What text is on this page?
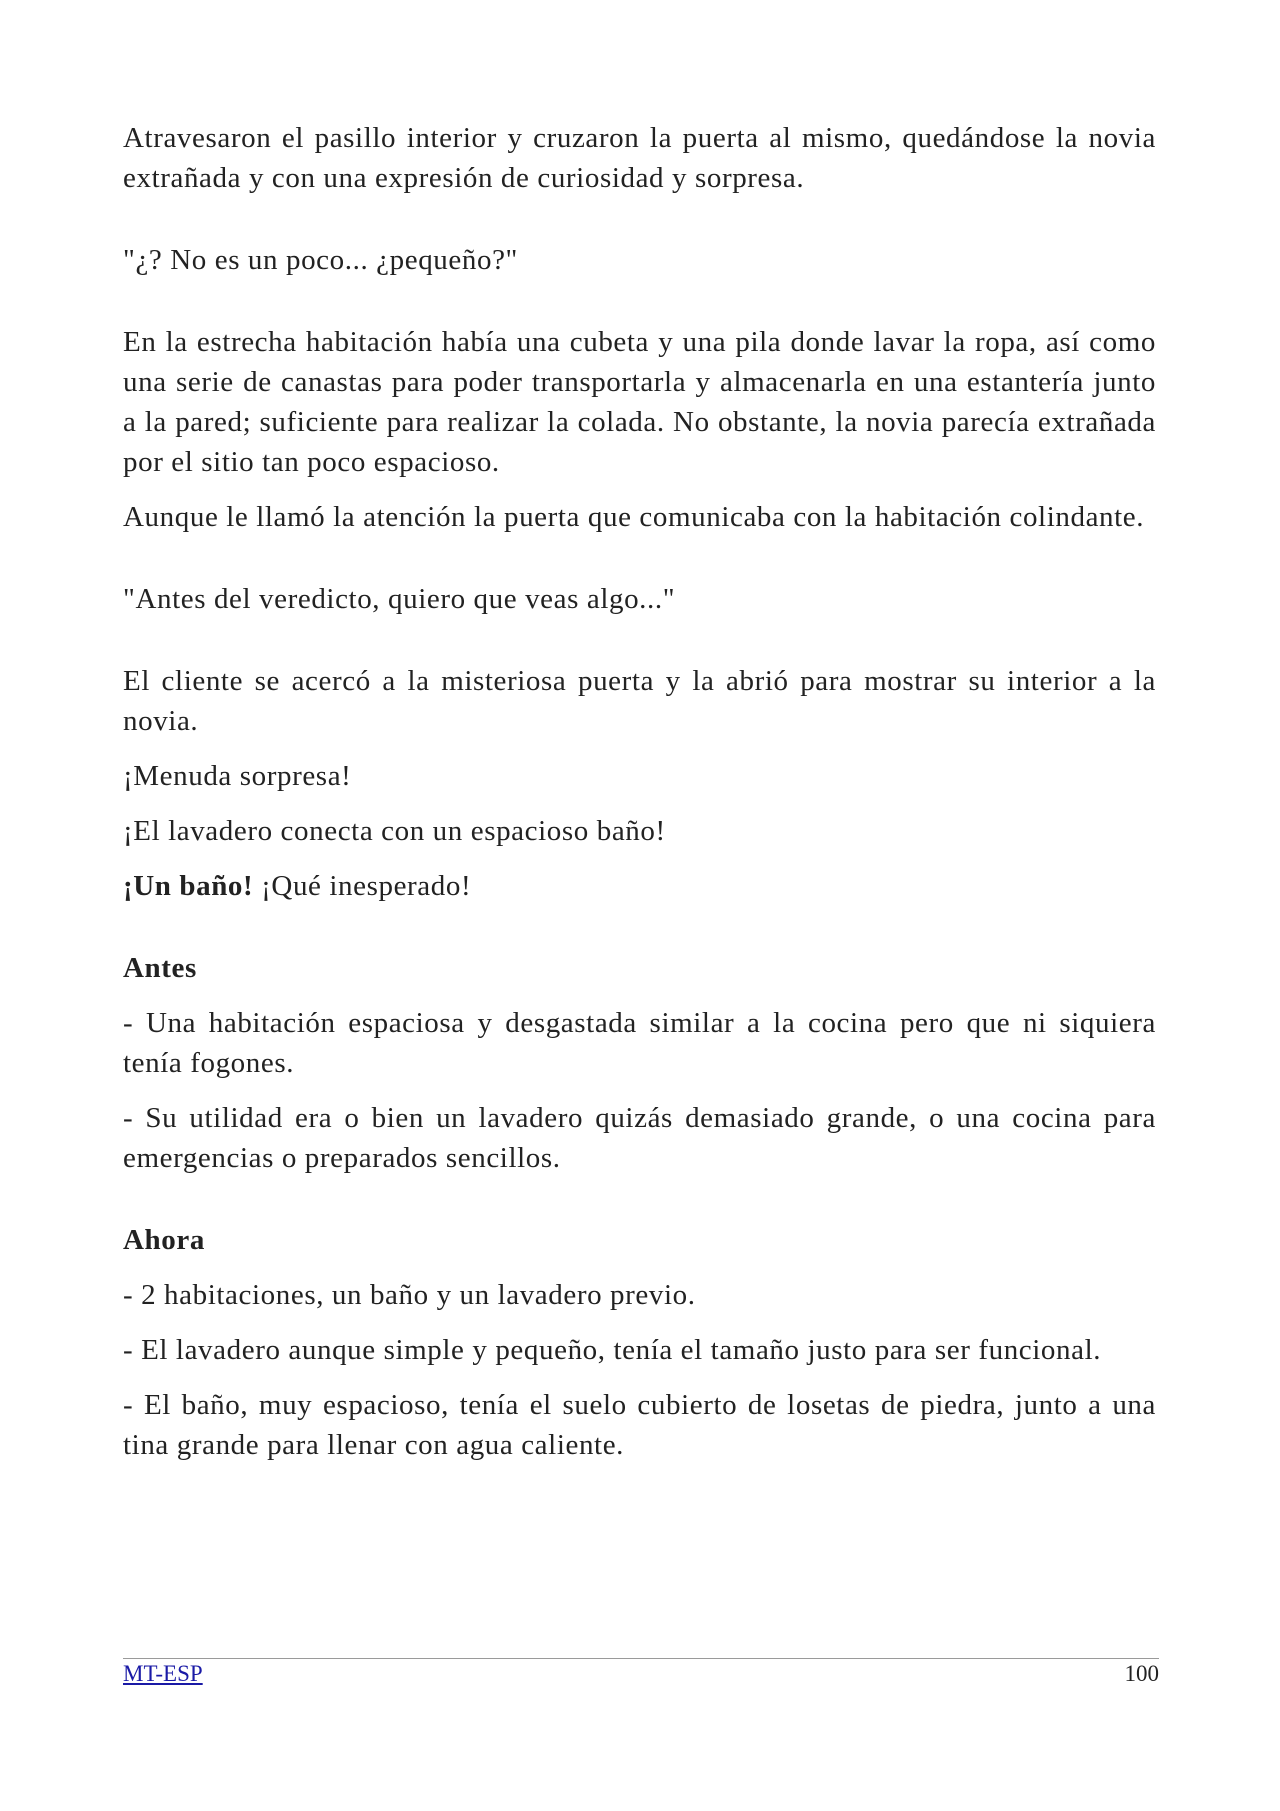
Atravesaron el pasillo interior y cruzaron la puerta al mismo, quedándose la novia extrañada y con una expresión de curiosidad y sorpresa.

"¿? No es un poco... ¿pequeño?"

En la estrecha habitación había una cubeta y una pila donde lavar la ropa, así como una serie de canastas para poder transportarla y almacenarla en una estantería junto a la pared; suficiente para realizar la colada. No obstante, la novia parecía extrañada por el sitio tan poco espacioso.

Aunque le llamó la atención la puerta que comunicaba con la habitación colindante.

"Antes del veredicto, quiero que veas algo..."

El cliente se acercó a la misteriosa puerta y la abrió para mostrar su interior a la novia.

¡Menuda sorpresa!

¡El lavadero conecta con un espacioso baño!

¡Un baño! ¡Qué inesperado!

Antes

- Una habitación espaciosa y desgastada similar a la cocina pero que ni siquiera tenía fogones.

- Su utilidad era o bien un lavadero quizás demasiado grande, o una cocina para emergencias o preparados sencillos.

Ahora

- 2 habitaciones, un baño y un lavadero previo.

- El lavadero aunque simple y pequeño, tenía el tamaño justo para ser funcional.

- El baño, muy espacioso, tenía el suelo cubierto de losetas de piedra, junto a una tina grande para llenar con agua caliente.

MT-ESP	100
